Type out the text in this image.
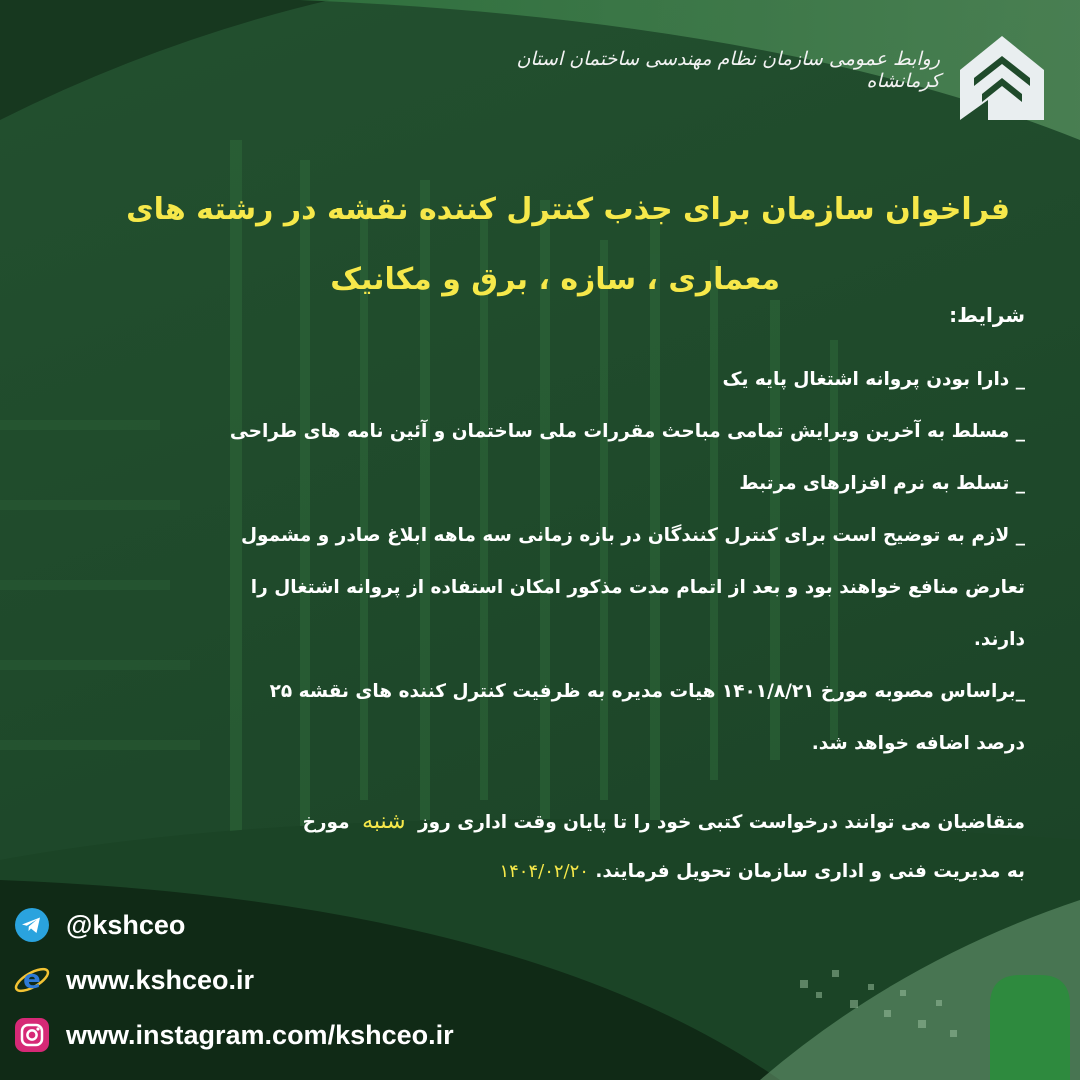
روابط عمومی سازمان نظام مهندسی ساختمان استان کرمانشاه
فراخوان سازمان برای جذب کنترل کننده نقشه در رشته های
معماری ، سازه ، برق و مکانیک
شرایط:
_ دارا بودن پروانه اشتغال پایه یک
_ مسلط به آخرین ویرایش تمامی مباحث مقررات ملی ساختمان و آئین نامه های طراحی
_ تسلط به نرم افزارهای مرتبط
_ لازم به توضیح است برای کنترل کنندگان در بازه زمانی سه ماهه ابلاغ صادر و مشمول
تعارض منافع خواهند بود و بعد از اتمام مدت مذکور امکان استفاده از پروانه اشتغال را
دارند.
_براساس مصوبه مورخ ۱۴۰۱/۸/۲۱ هیات مدیره به ظرفیت کنترل کننده های نقشه ۲۵
درصد اضافه خواهد شد.
متقاضیان می توانند درخواست کتبی خود را تا پایان وقت اداری روز شنبه مورخ
به مدیریت فنی و اداری سازمان تحویل فرمایند. ۱۴۰۴/۰۲/۲۰
@kshceo
e www.kshceo.ir
www.instagram.com/kshceo.ir
